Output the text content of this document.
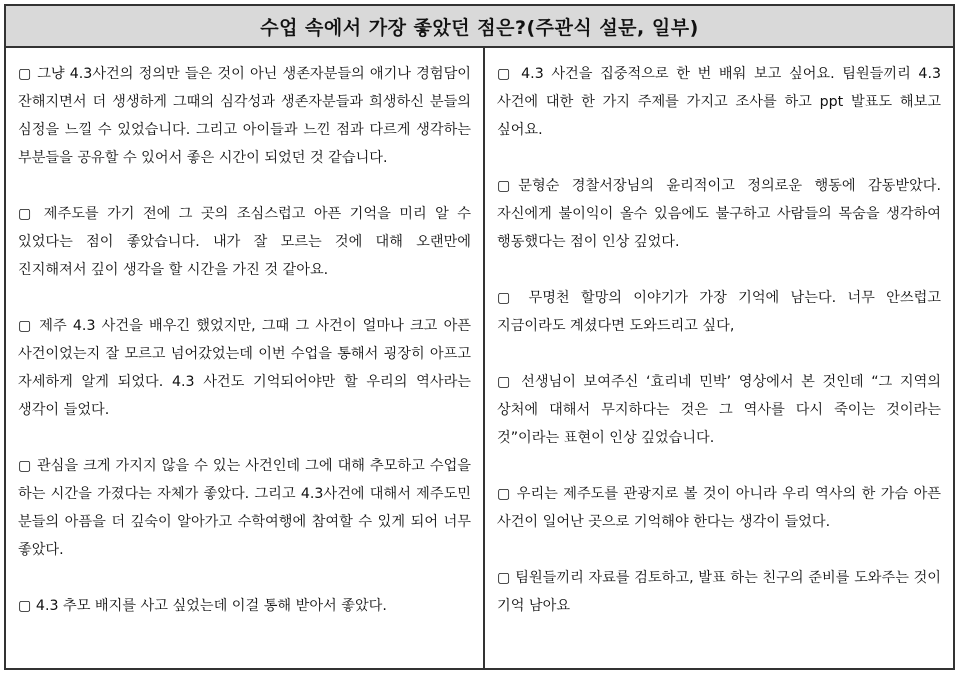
수업 속에서 가장 좋았던 점은?(주관식 설문, 일부)

▢ 그냥 4.3사건의 정의만 들은 것이 아닌 생존자분들의 애기나 경험담이 잔해지면서 더 생생하게 그때의 심각성과 생존자분들과 희생하신 분들의 심정을 느낄 수 있었습니다. 그리고 아이들과 느낀 점과 다르게 생각하는 부분들을 공유할 수 있어서 좋은 시간이 되었던 것 같습니다.

▢ 제주도를 가기 전에 그 곳의 조심스럽고 아픈 기억을 미리 알 수 있었다는 점이 좋았습니다. 내가 잘 모르는 것에 대해 오랜만에 진지해져서 깊이 생각을 할 시간을 가진 것 같아요.

▢ 제주 4.3 사건을 배우긴 했었지만, 그때 그 사건이 얼마나 크고 아픈 사건이었는지 잘 모르고 넘어갔었는데 이번 수업을 통해서 굉장히 아프고 자세하게 알게 되었다. 4.3 사건도 기억되어야만 할 우리의 역사라는 생각이 들었다.

▢ 관심을 크게 가지지 않을 수 있는 사건인데 그에 대해 추모하고 수업을 하는 시간을 가졌다는 자체가 좋았다. 그리고 4.3사건에 대해서 제주도민 분들의 아픔을 더 깊숙이 알아가고 수학여행에 참여할 수 있게 되어 너무 좋았다.

▢ 4.3 추모 배지를 사고 싶었는데 이걸 통해 받아서 좋았다.

▢ 4.3 사건을 집중적으로 한 번 배워 보고 싶어요. 팀원들끼리 4.3 사건에 대한 한 가지 주제를 가지고 조사를 하고 ppt 발표도 해보고 싶어요.

▢문형순 경찰서장님의 윤리적이고 정의로운 행동에 감동받았다. 자신에게 불이익이 올수 있음에도 불구하고 사람들의 목숨을 생각하여 행동했다는 점이 인상 깊었다.

▢ 무명천 할망의 이야기가 가장 기억에 남는다. 너무 안쓰럽고 지금이라도 계셨다면 도와드리고 싶다,

▢ 선생님이 보여주신 ‘효리네 민박’ 영상에서 본 것인데 “그 지역의 상처에 대해서 무지하다는 것은 그 역사를 다시 죽이는 것이라는 것”이라는 표현이 인상 깊었습니다.

▢ 우리는 제주도를 관광지로 볼 것이 아니라 우리 역사의 한 가슴 아픈 사건이 일어난 곳으로 기억해야 한다는 생각이 들었다.

▢ 팀원들끼리 자료를 검토하고, 발표 하는 친구의 준비를 도와주는 것이 기억 남아요
